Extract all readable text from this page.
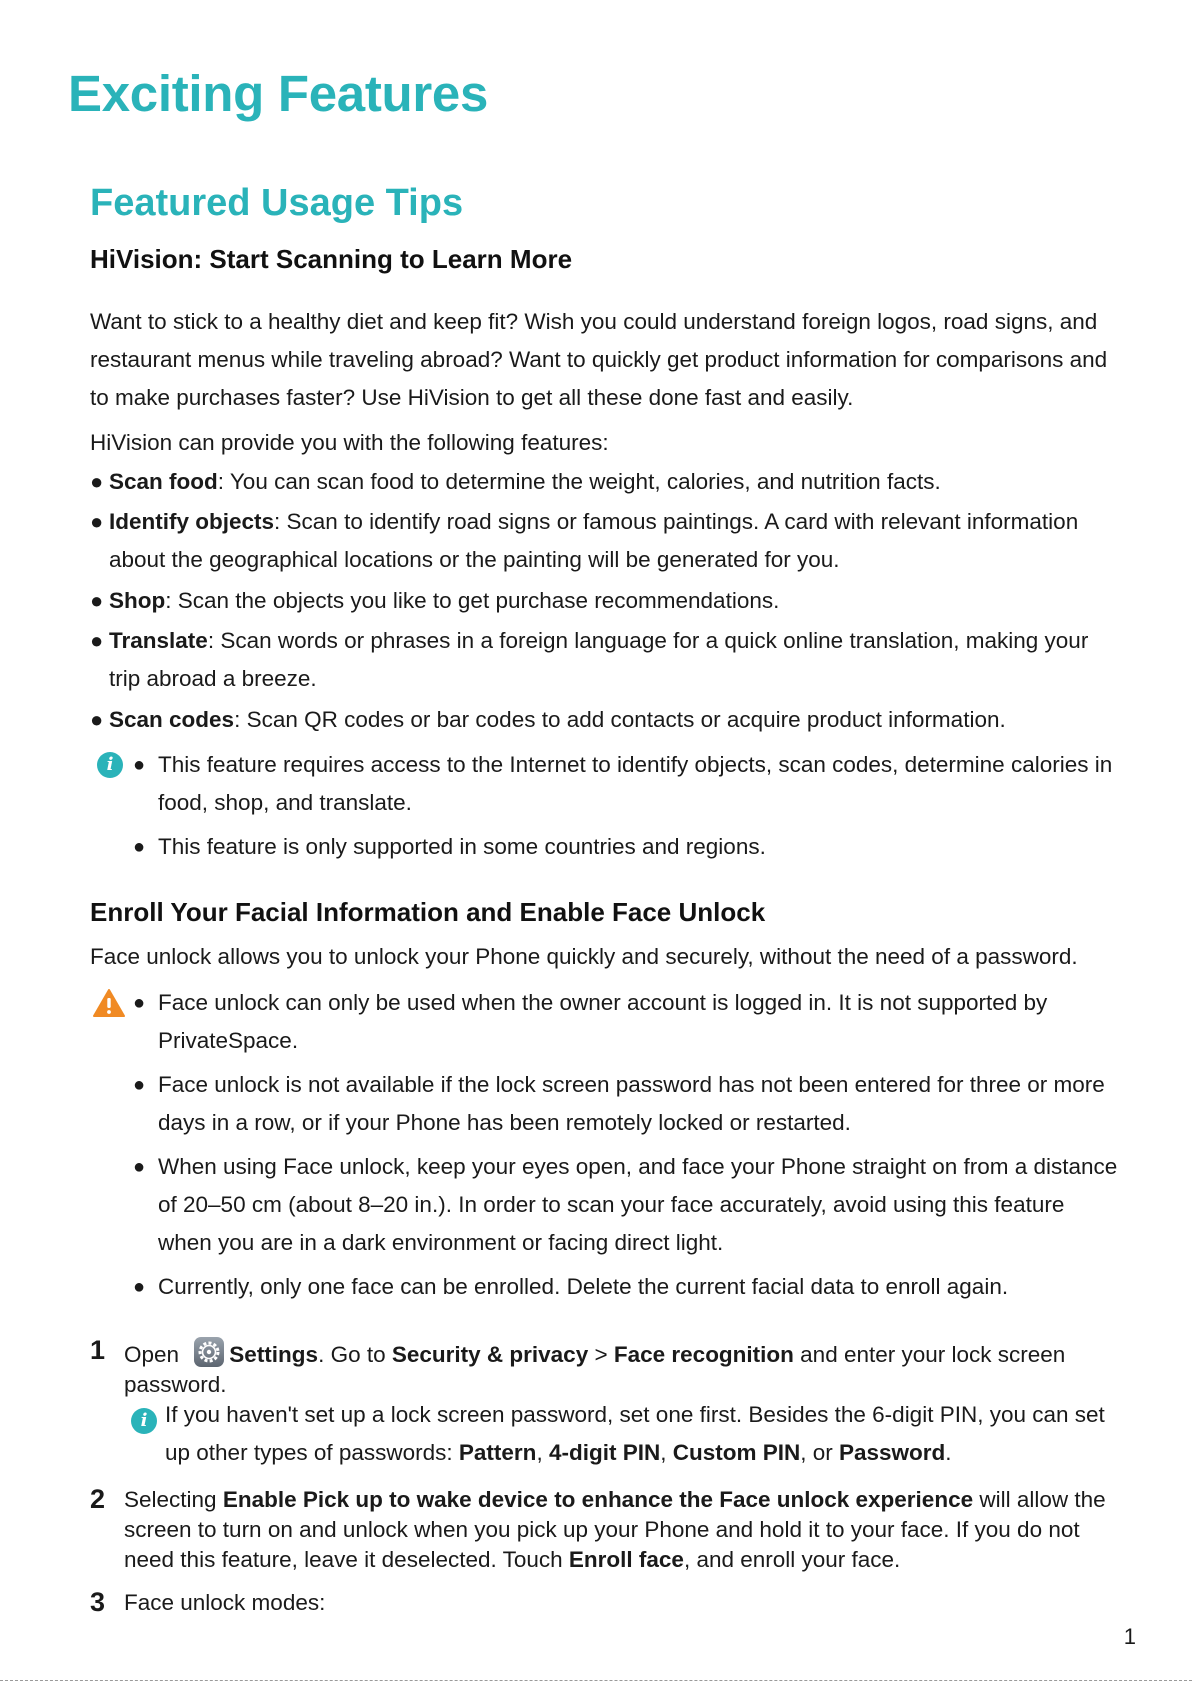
Exciting Features
Featured Usage Tips
HiVision: Start Scanning to Learn More

Want to stick to a healthy diet and keep fit? Wish you could understand foreign logos, road signs, and restaurant menus while traveling abroad? Want to quickly get product information for comparisons and to make purchases faster? Use HiVision to get all these done fast and easily.

HiVision can provide you with the following features:

● Scan food: You can scan food to determine the weight, calories, and nutrition facts.
● Identify objects: Scan to identify road signs or famous paintings. A card with relevant information about the geographical locations or the painting will be generated for you.
● Shop: Scan the objects you like to get purchase recommendations.
● Translate: Scan words or phrases in a foreign language for a quick online translation, making your trip abroad a breeze.
● Scan codes: Scan QR codes or bar codes to add contacts or acquire product information.
i ● This feature requires access to the Internet to identify objects, scan codes, determine calories in food, shop, and translate.
● This feature is only supported in some countries and regions.
Enroll Your Facial Information and Enable Face Unlock

Face unlock allows you to unlock your Phone quickly and securely, without the need of a password.

● Face unlock can only be used when the owner account is logged in. It is not supported by PrivateSpace.
● Face unlock is not available if the lock screen password has not been entered for three or more days in a row, or if your Phone has been remotely locked or restarted.
● When using Face unlock, keep your eyes open, and face your Phone straight on from a distance of 20–50 cm (about 8–20 in.). In order to scan your face accurately, avoid using this feature when you are in a dark environment or facing direct light.
● Currently, only one face can be enrolled. Delete the current facial data to enroll again.
1 Open Settings. Go to Security & privacy > Face recognition and enter your lock screen password.
i If you haven't set up a lock screen password, set one first. Besides the 6-digit PIN, you can set up other types of passwords: Pattern, 4-digit PIN, Custom PIN, or Password.
2 Selecting Enable Pick up to wake device to enhance the Face unlock experience will allow the screen to turn on and unlock when you pick up your Phone and hold it to your face. If you do not need this feature, leave it deselected. Touch Enroll face, and enroll your face.
3 Face unlock modes:
1
